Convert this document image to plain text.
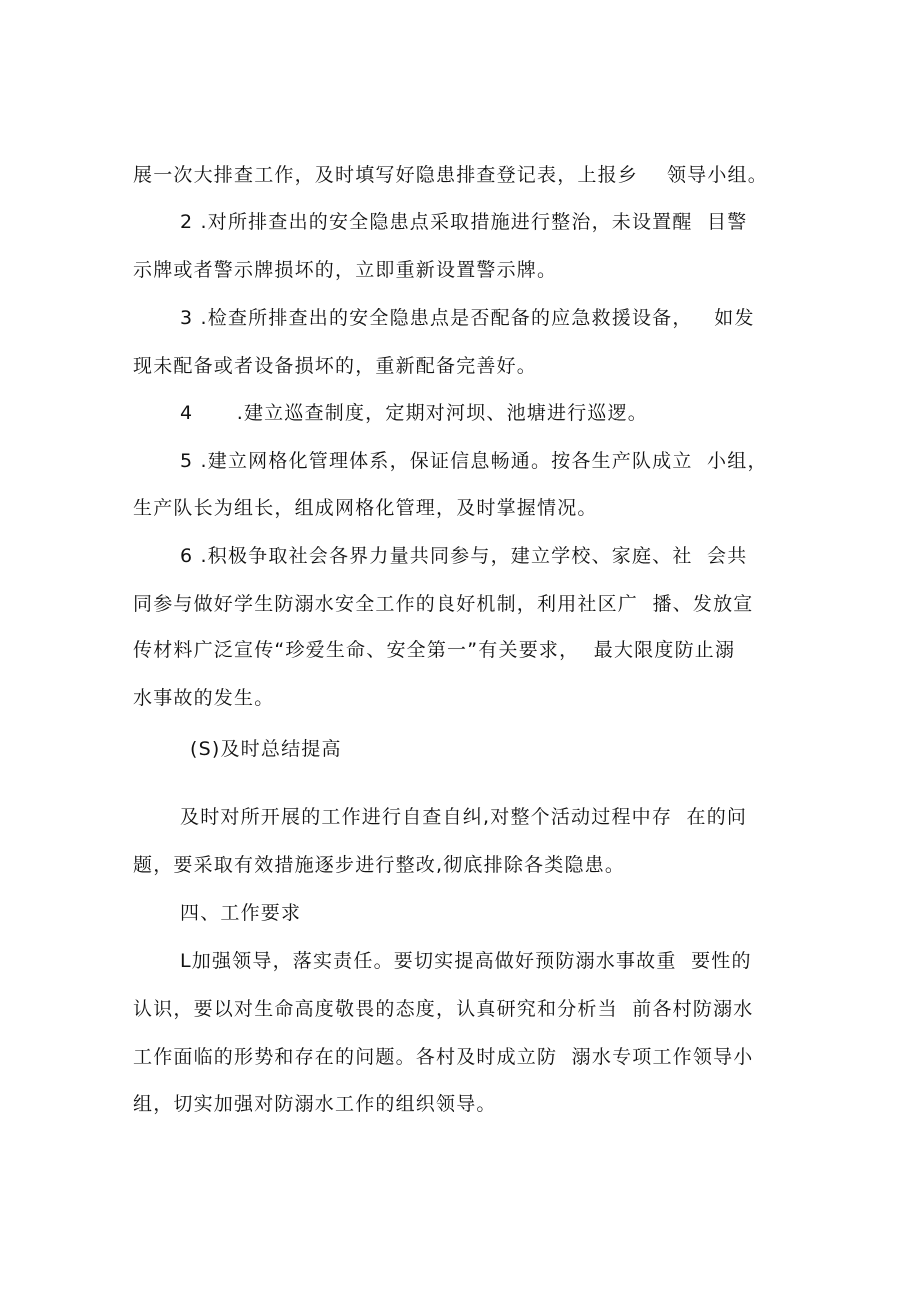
展一次大排查工作，及时填写好隐患排查登记表，上报乡    领导小组。
2 .对所排查出的安全隐患点采取措施进行整治，未设置醒  目警
示牌或者警示牌损坏的，立即重新设置警示牌。
3 .检查所排查出的安全隐患点是否配备的应急救援设备，   如发
现未配备或者设备损坏的，重新配备完善好。
4      .建立巡查制度，定期对河坝、池塘进行巡逻。
5 .建立网格化管理体系，保证信息畅通。按各生产队成立  小组，
生产队长为组长，组成网格化管理，及时掌握情况。
6 .积极争取社会各界力量共同参与，建立学校、家庭、社  会共
同参与做好学生防溺水安全工作的良好机制，利用社区广  播、发放宣
传材料广泛宣传“珍爱生命、安全第一”有关要求，  最大限度防止溺
水事故的发生。
(S)及时总结提高
及时对所开展的工作进行自查自纠,对整个活动过程中存  在的问
题，要采取有效措施逐步进行整改,彻底排除各类隐患。
四、工作要求
L加强领导，落实责任。要切实提高做好预防溺水事故重  要性的
认识，要以对生命高度敬畏的态度，认真研究和分析当  前各村防溺水
工作面临的形势和存在的问题。各村及时成立防  溺水专项工作领导小
组，切实加强对防溺水工作的组织领导。
